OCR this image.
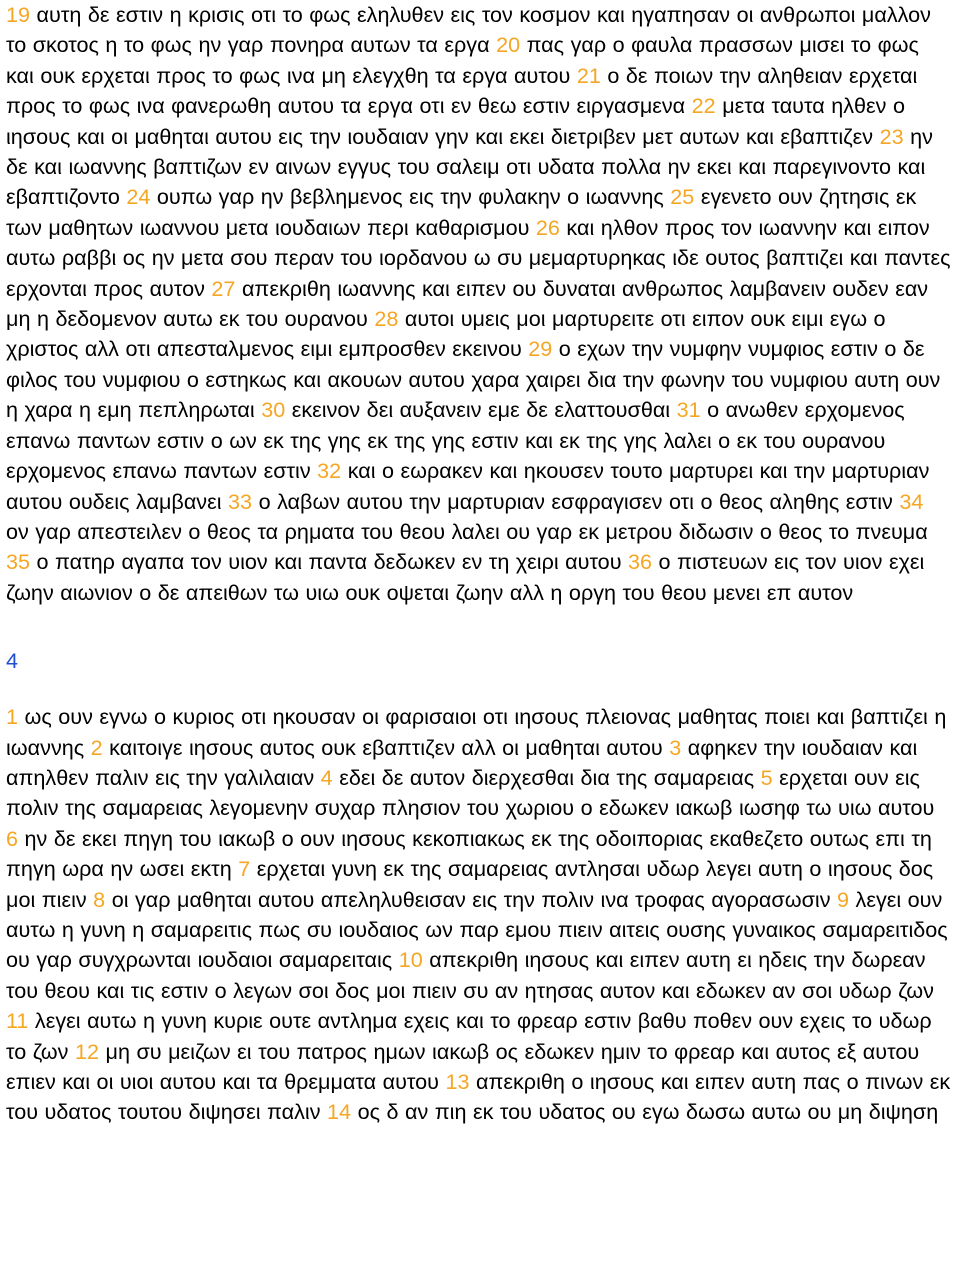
19 αυτη δε εστιν η κρισις οτι το φως εληλυθεν εις τον κοσμον και ηγαπησαν οι ανθρωποι μαλλον το σκοτος η το φως ην γαρ πονηρα αυτων τα εργα 20 πας γαρ ο φαυλα πρασσων μισει το φως και ουκ ερχεται προς το φως ινα μη ελεγχθη τα εργα αυτου 21 ο δε ποιων την αληθειαν ερχεται προς το φως ινα φανερωθη αυτου τα εργα οτι εν θεω εστιν ειργασμενα 22 μετα ταυτα ηλθεν ο ιησους και οι μαθηται αυτου εις την ιουδαιαν γην και εκει διετριβεν μετ αυτων και εβαπτιζεν 23 ην δε και ιωαννης βαπτιζων εν αινων εγγυς του σαλειμ οτι υδατα πολλα ην εκει και παρεγινοντο και εβαπτιζοντο 24 ουπω γαρ ην βεβλημενος εις την φυλακην ο ιωαννης 25 εγενετο ουν ζητησις εκ των μαθητων ιωαννου μετα ιουδαιων περι καθαρισμου 26 και ηλθον προς τον ιωαννην και ειπον αυτω ραββι ος ην μετα σου περαν του ιορδανου ω συ μεμαρτυρηκας ιδε ουτος βαπτιζει και παντες ερχονται προς αυτον 27 απεκριθη ιωαννης και ειπεν ου δυναται ανθρωπος λαμβανειν ουδεν εαν μη η δεδομενον αυτω εκ του ουρανου 28 αυτοι υμεις μοι μαρτυρειτε οτι ειπον ουκ ειμι εγω ο χριστος αλλ οτι απεσταλμενος ειμι εμπροσθεν εκεινου 29 ο εχων την νυμφην νυμφιος εστιν ο δε φιλος του νυμφιου ο εστηκως και ακουων αυτου χαρα χαιρει δια την φωνην του νυμφιου αυτη ουν η χαρα η εμη πεπληρωται 30 εκεινον δει αυξανειν εμε δε ελαττουσθαι 31 ο ανωθεν ερχομενος επανω παντων εστιν ο ων εκ της γης εκ της γης εστιν και εκ της γης λαλει ο εκ του ουρανου ερχομενος επανω παντων εστιν 32 και ο εωρακεν και ηκουσεν τουτο μαρτυρει και την μαρτυριαν αυτου ουδεις λαμβανει 33 ο λαβων αυτου την μαρτυριαν εσφραγισεν οτι ο θεος αληθης εστιν 34 ον γαρ απεστειλεν ο θεος τα ρηματα του θεου λαλει ου γαρ εκ μετρου διδωσιν ο θεος το πνευμα 35 ο πατηρ αγαπα τον υιον και παντα δεδωκεν εν τη χειρι αυτου 36 ο πιστευων εις τον υιον εχει ζωην αιωνιον ο δε απειθων τω υιω ουκ οψεται ζωην αλλ η οργη του θεου μενει επ αυτον

4

1 ως ουν εγνω ο κυριος οτι ηκουσαν οι φαρισαιοι οτι ιησους πλειονας μαθητας ποιει και βαπτιζει η ιωαννης 2 καιτοιγε ιησους αυτος ουκ εβαπτιζεν αλλ οι μαθηται αυτου 3 αφηκεν την ιουδαιαν και απηλθεν παλιν εις την γαλιλαιαν 4 εδει δε αυτον διερχεσθαι δια της σαμαρειας 5 ερχεται ουν εις πολιν της σαμαρειας λεγομενην συχαρ πλησιον του χωριου ο εδωκεν ιακωβ ιωσηφ τω υιω αυτου 6 ην δε εκει πηγη του ιακωβ ο ουν ιησους κεκοπιακως εκ της οδοιποριας εκαθεζετο ουτως επι τη πηγη ωρα ην ωσει εκτη 7 ερχεται γυνη εκ της σαμαρειας αντλησαι υδωρ λεγει αυτη ο ιησους δος μοι πιειν 8 οι γαρ μαθηται αυτου απεληλυθεισαν εις την πολιν ινα τροφας αγορασωσιν 9 λεγει ουν αυτω η γυνη η σαμαρειτις πως συ ιουδαιος ων παρ εμου πιειν αιτεις ουσης γυναικος σαμαρειτιδος ου γαρ συγχρωνται ιουδαιοι σαμαρειταις 10 απεκριθη ιησους και ειπεν αυτη ει ηδεις την δωρεαν του θεου και τις εστιν ο λεγων σοι δος μοι πιειν συ αν ητησας αυτον και εδωκεν αν σοι υδωρ ζων 11 λεγει αυτω η γυνη κυριε ουτε αντλημα εχεις και το φρεαρ εστιν βαθυ ποθεν ουν εχεις το υδωρ το ζων 12 μη συ μειζων ει του πατρος ημων ιακωβ ος εδωκεν ημιν το φρεαρ και αυτος εξ αυτου επιεν και οι υιοι αυτου και τα θρεμματα αυτου 13 απεκριθη ο ιησους και ειπεν αυτη πας ο πινων εκ του υδατος τουτου διψησει παλιν 14 ος δ αν πιη εκ του υδατος ου εγω δωσω αυτω ου μη διψηση
